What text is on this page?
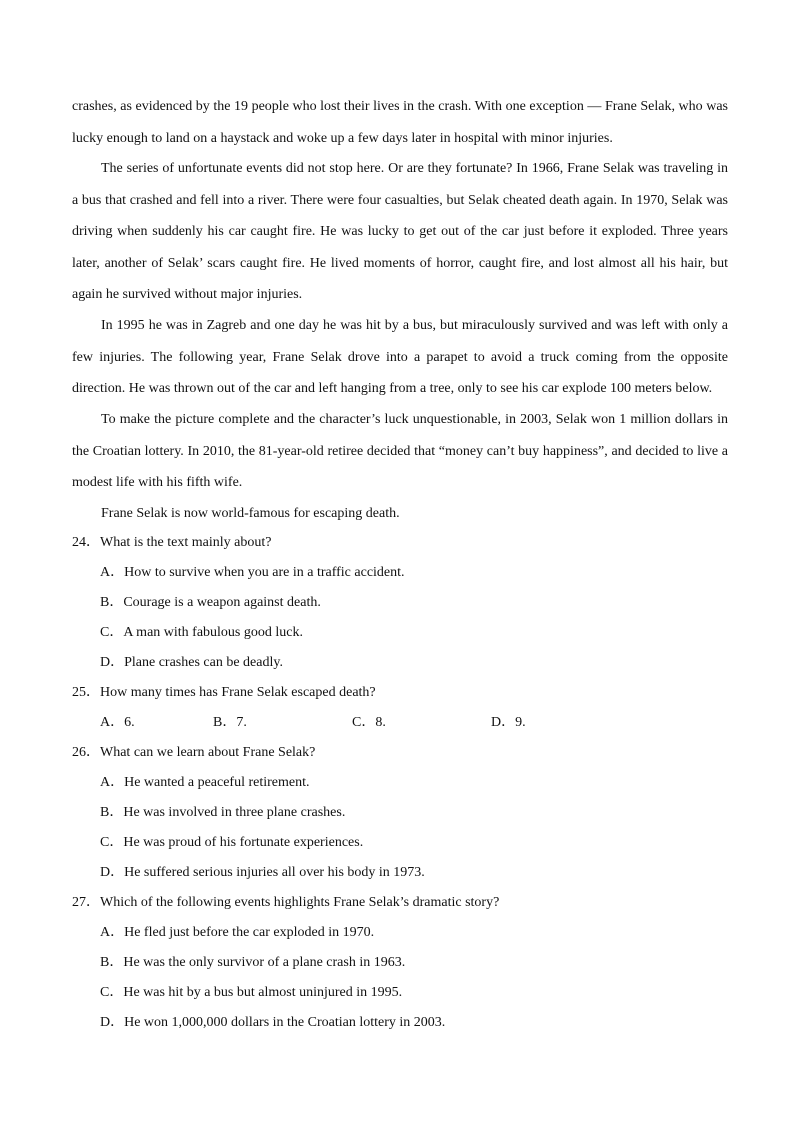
crashes, as evidenced by the 19 people who lost their lives in the crash. With one exception — Frane Selak, who was lucky enough to land on a haystack and woke up a few days later in hospital with minor injuries.

The series of unfortunate events did not stop here. Or are they fortunate? In 1966, Frane Selak was traveling in a bus that crashed and fell into a river. There were four casualties, but Selak cheated death again. In 1970, Selak was driving when suddenly his car caught fire. He was lucky to get out of the car just before it exploded. Three years later, another of Selak’ scars caught fire. He lived moments of horror, caught fire, and lost almost all his hair, but again he survived without major injuries.

In 1995 he was in Zagreb and one day he was hit by a bus, but miraculously survived and was left with only a few injuries. The following year, Frane Selak drove into a parapet to avoid a truck coming from the opposite direction. He was thrown out of the car and left hanging from a tree, only to see his car explode 100 meters below.

To make the picture complete and the character’s luck unquestionable, in 2003, Selak won 1 million dollars in the Croatian lottery. In 2010, the 81-year-old retiree decided that “money can’t buy happiness”, and decided to live a modest life with his fifth wife.

Frane Selak is now world-famous for escaping death.

24．What is the text mainly about?
A．How to survive when you are in a traffic accident.
B．Courage is a weapon against death.
C．A man with fabulous good luck.
D．Plane crashes can be deadly.
25．How many times has Frane Selak escaped death?
A．6.	B．7.	C．8.	D．9.
26．What can we learn about Frane Selak?
A．He wanted a peaceful retirement.
B．He was involved in three plane crashes.
C．He was proud of his fortunate experiences.
D．He suffered serious injuries all over his body in 1973.
27．Which of the following events highlights Frane Selak’s dramatic story?
A．He fled just before the car exploded in 1970.
B．He was the only survivor of a plane crash in 1963.
C．He was hit by a bus but almost uninjured in 1995.
D．He won 1,000,000 dollars in the Croatian lottery in 2003.
